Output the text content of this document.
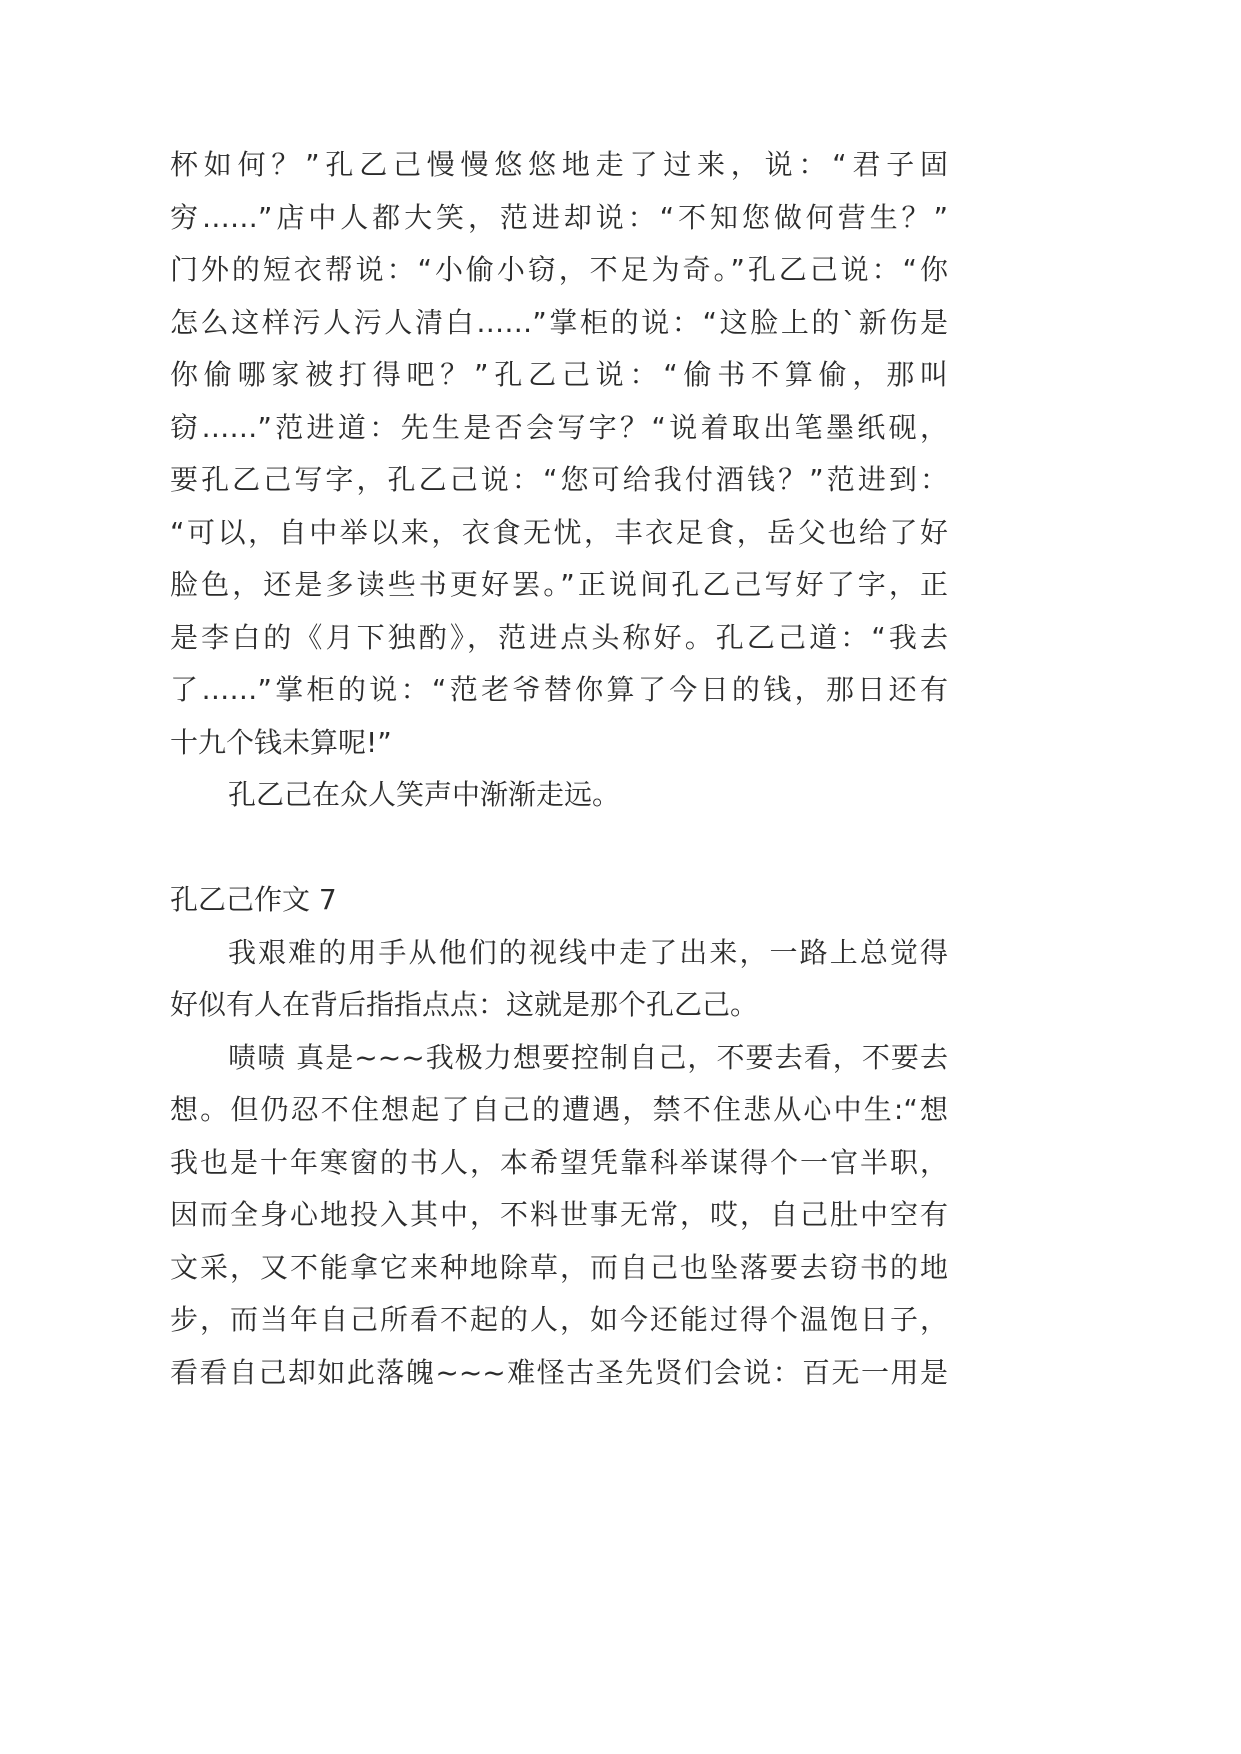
杯如何？”孔乙己慢慢悠悠地走了过来，说：“君子固
穷……”店中人都大笑，范进却说：“不知您做何营生？”
门外的短衣帮说：“小偷小窃，不足为奇。”孔乙己说：“你
怎么这样污人污人清白……”掌柜的说：“这脸上的`新伤是
你偷哪家被打得吧？”孔乙己说：“偷书不算偷，那叫
窃……”范进道：先生是否会写字？“说着取出笔墨纸砚，
要孔乙己写字，孔乙己说：“您可给我付酒钱？”范进到：
“可以，自中举以来，衣食无忧，丰衣足食，岳父也给了好
脸色，还是多读些书更好罢。”正说间孔乙己写好了字，正
是李白的《月下独酌》，范进点头称好。孔乙己道：“我去
了……”掌柜的说：“范老爷替你算了今日的钱，那日还有
十九个钱未算呢!”
孔乙己在众人笑声中渐渐走远。
孔乙己作文 7
我艰难的用手从他们的视线中走了出来，一路上总觉得
好似有人在背后指指点点：这就是那个孔乙己。
啧啧 真是~~~我极力想要控制自己，不要去看，不要去
想。但仍忍不住想起了自己的遭遇，禁不住悲从心中生:“想
我也是十年寒窗的书人，本希望凭靠科举谋得个一官半职，
因而全身心地投入其中，不料世事无常，哎，自己肚中空有
文采，又不能拿它来种地除草，而自己也坠落要去窃书的地
步，而当年自己所看不起的人，如今还能过得个温饱日子，
看看自己却如此落魄~~~难怪古圣先贤们会说：百无一用是
